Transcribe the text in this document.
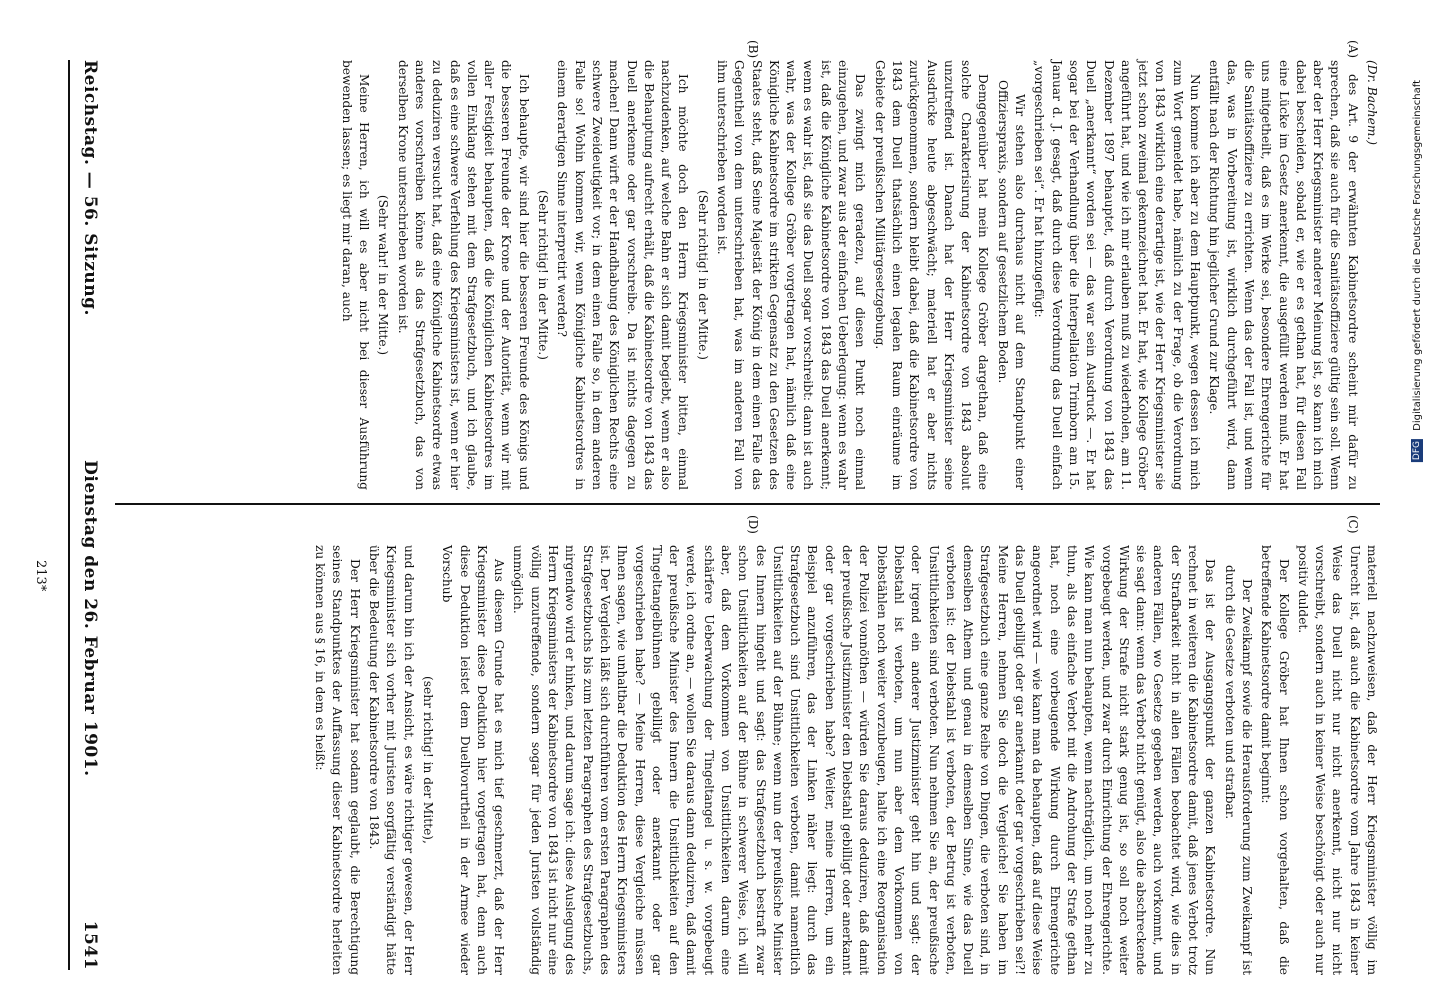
Reichstag. — 56. Sitzung.
Dienstag den 26. Februar 1901.
1541
(A)
(B)
(C)
(D)

(Dr. Bachem.)

des Art. 9 der erwähnten Kabinetsordre scheint mir dafür zu sprechen, daß sie auch für die Sanitätsoffiziere gültig sein soll. Wenn aber der Herr Kriegsminister anderer Meinung ist, so kann ich mich dabei bescheiden, sobald er, wie er es gethan hat, für diesen Fall eine Lücke im Gesetz anerkennt, die ausgefüllt werden muß. Er hat uns mitgetheilt, daß es im Werke sei, besondere Ehrengerichte für die Sanitätsoffiziere zu errichten. Wenn das der Fall ist, und wenn das, was in Vorbereitung ist, wirklich durchgeführt wird, dann entfällt nach der Richtung hin jeglicher Grund zur Klage.

Nun komme ich aber zu dem Hauptpunkt, wegen dessen ich mich zum Wort gemeldet habe, nämlich zu der Frage, ob die Verordnung von 1843 wirklich eine derartige ist, wie der Herr Kriegsminister sie jetzt schon zweimal gekennzeichnet hat. Er hat, wie Kollege Gröber angeführt hat, und wie ich mir erlauben muß zu wiederholen, am 11. Dezember 1897 behauptet, daß durch Verordnung von 1843 das Duell „anerkannt“ worden sei — das war sein Ausdruck —. Er hat sogar bei der Verhandlung über die Interpellation Trimborn am 15. Januar d. J. gesagt, daß durch diese Verordnung das Duell einfach „vorgeschrieben sei“. Er hat hinzugefügt:

Wir stehen also durchaus nicht auf dem Standpunkt einer Offizierspraxis, sondern auf gesetzlichem Boden.

Demgegenüber hat mein Kollege Gröber dargethan, daß eine solche Charakterisirung der Kabinetsordre von 1843 absolut unzutreffend ist. Danach hat der Herr Kriegsminister seine Ausdrücke heute abgeschwächt; materiell hat er aber nichts zurückgenommen, sondern bleibt dabei, daß die Kabinetsordre von 1843 dem Duell thatsächlich einen legalen Raum einräume im Gebiete der preußischen Militärgesetzgebung.

Das zwingt mich geradezu, auf diesen Punkt noch einmal einzugehen, und zwar aus der einfachen Ueberlegung: wenn es wahr ist, daß die Königliche Kabinetsordre von 1843 das Duell anerkennt; wenn es wahr ist, daß sie das Duell sogar vorschreibt: dann ist auch wahr, was der Kollege Gröber vorgetragen hat, nämlich daß eine Königliche Kabinetsordre im strikten Gegensatz zu den Gesetzen des Staates steht, daß Seine Majestät der König in dem einen Falle das Gegentheil von dem unterschrieben hat, was im anderen Fall von ihm unterschrieben worden ist.

(Sehr richtig! in der Mitte.)

Ich möchte doch den Herrn Kriegsminister bitten, einmal nachzudenken, auf welche Bahn er sich damit begiebt, wenn er also die Behauptung aufrecht erhält, daß die Kabinetsordre von 1843 das Duell anerkenne oder gar vorschreibe. Da ist nichts dagegen zu machen! Dann wirft er der Handhabung des Königlichen Rechts eine schwere Zweideutigkeit vor; in dem einen Falle so, in dem anderen Falle so! Wohin kommen wir, wenn Königliche Kabinetsordres in einem derartigen Sinne interpretirt werden?

(Sehr richtig! in der Mitte.)

Ich behaupte, wir sind hier die besseren Freunde des Königs und die besseren Freunde der Krone und der Autorität, wenn wir mit aller Festigkeit behaupten, daß die Königlichen Kabinetsordres im vollen Einklang stehen mit dem Strafgesetzbuch, und ich glaube, daß es eine schwere Verfehlung des Kriegsministers ist, wenn er hier zu deduziren versucht hat, daß eine Königliche Kabinetsordre etwas anderes vorschreiben könne als das Strafgesetzbuch, das von derselben Krone unterschrieben worden ist.

(Sehr wahr! in der Mitte.)

Meine Herren, ich will es aber nicht bei dieser Ausführung bewenden lassen; es liegt mir daran, auch

materiell nachzuweisen, daß der Herr Kriegsminister völlig im Unrecht ist, daß auch die Kabinetsordre vom Jahre 1843 in keiner Weise das Duell nicht nur nicht anerkennt, nicht nur nicht vorschreibt, sondern auch in keiner Weise beschönigt oder auch nur positiv duldet.

Der Kollege Gröber hat Ihnen schon vorgehalten, daß die betreffende Kabinetsordre damit beginnt:

Der Zweikampf sowie die Herausforderung zum Zweikampf ist durch die Gesetze verboten und strafbar.

Das ist der Ausgangspunkt der ganzen Kabinetsordre. Nun rechnet in weiteren die Kabinetsordre damit, daß jenes Verbot trotz der Strafbarkeit nicht in allen Fällen beobachtet wird, wie dies in anderen Fällen, wo Gesetze gegeben werden, auch vorkommt, und sie sagt dann: wenn das Verbot nicht genügt, also die abschreckende Wirkung der Strafe nicht stark genug ist, so soll noch weiter vorgebeugt werden, und zwar durch Einrichtung der Ehrengerichte. Wie kann man nun behaupten, wenn nachträglich, um noch mehr zu thun, als das einfache Verbot mit die Androhung der Strafe gethan hat, noch eine vorbeugende Wirkung durch Ehrengerichte angeordnet wird — wie kann man da behaupten, daß auf diese Weise das Duell gebilligt oder gar anerkannt oder gar vorgeschrieben sei?! Meine Herren, nehmen Sie doch die Vergleiche! Sie haben im Strafgesetzbuch eine ganze Reihe von Dingen, die verboten sind, in demselben Athem und genau in demselben Sinne, wie das Duell verboten ist: der Diebstahl ist verboten, der Betrug ist verboten, Unsittlichkeiten sind verboten. Nun nehmen Sie an, der preußische oder irgend ein anderer Justizminister geht hin und sagt: der Diebstahl ist verboten, um nun aber dem Vorkommen von Diebstählen noch weiter vorzubeugen, halte ich eine Reorganisation der Polizei vonnöthen — würden Sie daraus deduziren, daß damit der preußische Justizminister den Diebstahl gebilligt oder anerkannt oder gar vorgeschrieben habe? Weiter, meine Herren, um ein Beispiel anzuführen, das der Linken näher liegt: durch das Strafgesetzbuch sind Unsittlichkeiten verboten, damit namentlich Unsittlichkeiten auf der Bühne; wenn nun der preußische Minister des Innern hingeht und sagt: das Strafgesetzbuch bestraft zwar schon Unsittlichkeiten auf der Bühne in schwerer Weise, ich will aber, daß dem Vorkommen von Unsittlichkeiten darum eine schärfere Ueberwachung der Tingeltangel u. s. w. vorgebeugt werde, ich ordne an, — wollen Sie daraus dann deduziren, daß damit der preußische Minister des Innern die Unsittlichkeiten auf den Tingeltangelbühnen gebilligt oder anerkannt oder gar vorgeschrieben habe? — Meine Herren, diese Vergleiche müssen Ihnen sagen, wie unhaltbar die Deduktion des Herrn Kriegsministers ist. Der Vergleich läßt sich durchführen vom ersten Paragraphen des Strafgesetzbuchs bis zum letzten Paragraphen des Strafgesetzbuchs, nirgendwo wird er hinken, und darum sage ich: diese Auslegung des Herrn Kriegsministers der Kabinetsordre von 1843 ist nicht nur eine völlig unzutreffende, sondern sogar für jeden Juristen vollständig unmöglich.

Aus diesem Grunde hat es mich tief geschmerzt, daß der Herr Kriegsminister diese Deduktion hier vorgetragen hat, denn auch diese Deduktion leistet dem Duellvorurtheil in der Armee wieder Vorschub

(sehr richtig! in der Mitte),

und darum bin ich der Ansicht, es wäre richtiger gewesen, der Herr Kriegsminister sich vorher mit Juristen sorgfältig verständigt hätte über die Bedeutung der Kabinetsordre von 1843.

Der Herr Kriegsminister hat sodann geglaubt, die Berechtigung seines Standpunktes der Auffassung dieser Kabinetsordre herleiten zu können aus § 16, in dem es heißt:

213*
Digitalisierung gefördert durch die Deutsche Forschungsgemeinschaft
DFG
